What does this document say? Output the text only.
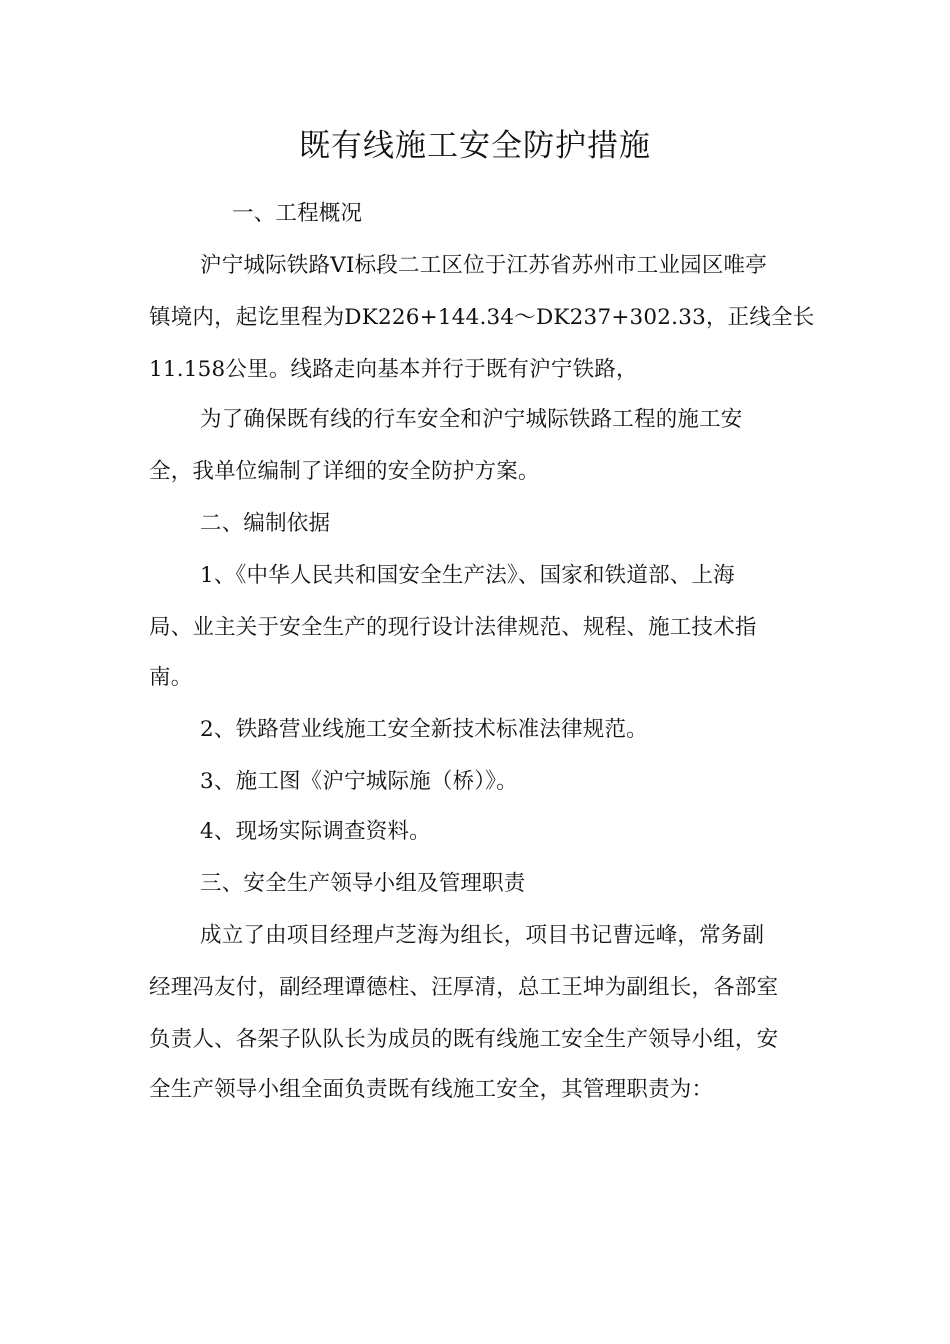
既有线施工安全防护措施
一、工程概况
沪宁城际铁路VI标段二工区位于江苏省苏州市工业园区唯亭
镇境内，起讫里程为DK226+144.34～DK237+302.33，正线全长
11.158公里。线路走向基本并行于既有沪宁铁路，
为了确保既有线的行车安全和沪宁城际铁路工程的施工安
全，我单位编制了详细的安全防护方案。
二、编制依据
1、《中华人民共和国安全生产法》、国家和铁道部、上海
局、业主关于安全生产的现行设计法律规范、规程、施工技术指
南。
2、铁路营业线施工安全新技术标准法律规范。
3、施工图《沪宁城际施（桥）》。
4、现场实际调查资料。
三、安全生产领导小组及管理职责
成立了由项目经理卢芝海为组长，项目书记曹远峰，常务副
经理冯友付，副经理谭德柱、汪厚清，总工王坤为副组长，各部室
负责人、各架子队队长为成员的既有线施工安全生产领导小组，安
全生产领导小组全面负责既有线施工安全，其管理职责为：
